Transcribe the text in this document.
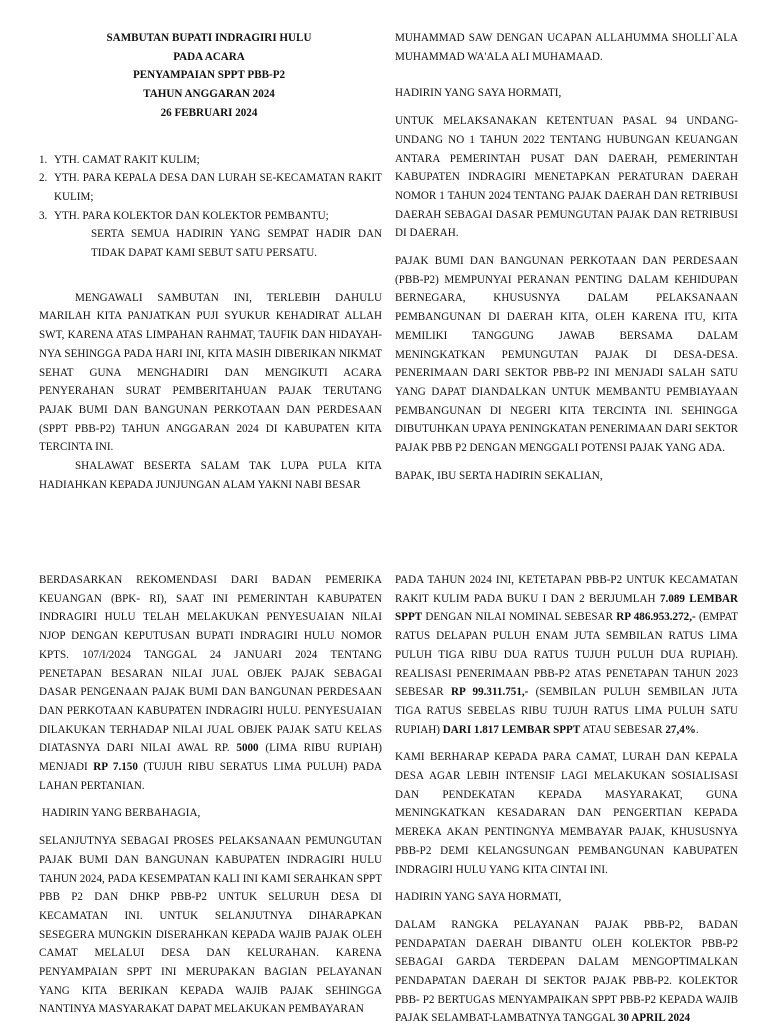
SAMBUTAN BUPATI INDRAGIRI HULU

PADA ACARA

PENYAMPAIAN SPPT PBB-P2

TAHUN ANGGARAN 2024

26 FEBRUARI 2024

1. YTH. CAMAT RAKIT KULIM;
2. YTH. PARA KEPALA DESA DAN LURAH SE-KECAMATAN RAKIT KULIM;
3. YTH. PARA KOLEKTOR DAN KOLEKTOR PEMBANTU;

SERTA SEMUA HADIRIN YANG SEMPAT HADIR DAN TIDAK DAPAT KAMI SEBUT SATU PERSATU.

MENGAWALI SAMBUTAN INI, TERLEBIH DAHULU MARILAH KITA PANJATKAN PUJI SYUKUR KEHADIRAT ALLAH SWT, KARENA ATAS LIMPAHAN RAHMAT, TAUFIK DAN HIDAYAH-NYA SEHINGGA PADA HARI INI, KITA MASIH DIBERIKAN NIKMAT SEHAT GUNA MENGHADIRI DAN MENGIKUTI ACARA PENYERAHAN SURAT PEMBERITAHUAN PAJAK TERUTANG PAJAK BUMI DAN BANGUNAN PERKOTAAN DAN PERDESAAN (SPPT PBB-P2) TAHUN ANGGARAN 2024 DI KABUPATEN KITA TERCINTA INI.

SHALAWAT BESERTA SALAM TAK LUPA PULA KITA HADIAHKAN KEPADA JUNJUNGAN ALAM YAKNI NABI BESAR

MUHAMMAD SAW DENGAN UCAPAN ALLAHUMMA SHOLLI`ALA MUHAMMAD WA'ALA ALI MUHAMAAD.

HADIRIN YANG SAYA HORMATI,

UNTUK MELAKSANAKAN KETENTUAN PASAL 94 UNDANG-UNDANG NO 1 TAHUN 2022 TENTANG HUBUNGAN KEUANGAN ANTARA PEMERINTAH PUSAT DAN DAERAH, PEMERINTAH KABUPATEN INDRAGIRI MENETAPKAN PERATURAN DAERAH NOMOR 1 TAHUN 2024 TENTANG PAJAK DAERAH DAN RETRIBUSI DAERAH SEBAGAI DASAR PEMUNGUTAN PAJAK DAN RETRIBUSI DI DAERAH.

PAJAK BUMI DAN BANGUNAN PERKOTAAN DAN PERDESAAN (PBB-P2) MEMPUNYAI PERANAN PENTING DALAM KEHIDUPAN BERNEGARA, KHUSUSNYA DALAM PELAKSANAAN PEMBANGUNAN DI DAERAH KITA, OLEH KARENA ITU, KITA MEMILIKI TANGGUNG JAWAB BERSAMA DALAM MENINGKATKAN PEMUNGUTAN PAJAK DI DESA-DESA. PENERIMAAN DARI SEKTOR PBB-P2 INI MENJADI SALAH SATU YANG DAPAT DIANDALKAN UNTUK MEMBANTU PEMBIAYAAN PEMBANGUNAN DI NEGERI KITA TERCINTA INI. SEHINGGA DIBUTUHKAN UPAYA PENINGKATAN PENERIMAAN DARI SEKTOR PAJAK PBB P2 DENGAN MENGGALI POTENSI PAJAK YANG ADA.

BAPAK, IBU SERTA HADIRIN SEKALIAN,

BERDASARKAN REKOMENDASI DARI BADAN PEMERIKA KEUANGAN (BPK- RI), SAAT INI PEMERINTAH KABUPATEN INDRAGIRI HULU TELAH MELAKUKAN PENYESUAIAN NILAI NJOP DENGAN KEPUTUSAN BUPATI INDRAGIRI HULU NOMOR KPTS. 107/I/2024 TANGGAL 24 JANUARI 2024 TENTANG PENETAPAN BESARAN NILAI JUAL OBJEK PAJAK SEBAGAI DASAR PENGENAAN PAJAK BUMI DAN BANGUNAN PERDESAAN DAN PERKOTAAN KABUPATEN INDRAGIRI HULU. PENYESUAIAN DILAKUKAN TERHADAP NILAI JUAL OBJEK PAJAK SATU KELAS DIATASNYA DARI NILAI AWAL RP. 5000 (LIMA RIBU RUPIAH) MENJADI RP 7.150 (TUJUH RIBU SERATUS LIMA PULUH) PADA LAHAN PERTANIAN.

HADIRIN YANG BERBAHAGIA,

SELANJUTNYA SEBAGAI PROSES PELAKSANAAN PEMUNGUTAN PAJAK BUMI DAN BANGUNAN KABUPATEN INDRAGIRI HULU TAHUN 2024, PADA KESEMPATAN KALI INI KAMI SERAHKAN SPPT PBB P2 DAN DHKP PBB-P2 UNTUK SELURUH DESA DI KECAMATAN INI. UNTUK SELANJUTNYA DIHARAPKAN SESEGERA MUNGKIN DISERAHKAN KEPADA WAJIB PAJAK OLEH CAMAT MELALUI DESA DAN KELURAHAN. KARENA PENYAMPAIAN SPPT INI MERUPAKAN BAGIAN PELAYANAN YANG KITA BERIKAN KEPADA WAJIB PAJAK SEHINGGA NANTINYA MASYARAKAT DAPAT MELAKUKAN PEMBAYARAN

PADA TAHUN 2024 INI, KETETAPAN PBB-P2 UNTUK KECAMATAN RAKIT KULIM PADA BUKU I DAN 2 BERJUMLAH 7.089 LEMBAR SPPT DENGAN NILAI NOMINAL SEBESAR RP 486.953.272,- (EMPAT RATUS DELAPAN PULUH ENAM JUTA SEMBILAN RATUS LIMA PULUH TIGA RIBU DUA RATUS TUJUH PULUH DUA RUPIAH). REALISASI PENERIMAAN PBB-P2 ATAS PENETAPAN TAHUN 2023 SEBESAR RP 99.311.751,- (SEMBILAN PULUH SEMBILAN JUTA TIGA RATUS SEBELAS RIBU TUJUH RATUS LIMA PULUH SATU RUPIAH) DARI 1.817 LEMBAR SPPT ATAU SEBESAR 27,4%.

KAMI BERHARAP KEPADA PARA CAMAT, LURAH DAN KEPALA DESA AGAR LEBIH INTENSIF LAGI MELAKUKAN SOSIALISASI DAN PENDEKATAN KEPADA MASYARAKAT, GUNA MENINGKATKAN KESADARAN DAN PENGERTIAN KEPADA MEREKA AKAN PENTINGNYA MEMBAYAR PAJAK, KHUSUSNYA PBB-P2 DEMI KELANGSUNGAN PEMBANGUNAN KABUPATEN INDRAGIRI HULU YANG KITA CINTAI INI.

HADIRIN YANG SAYA HORMATI,

DALAM RANGKA PELAYANAN PAJAK PBB-P2, BADAN PENDAPATAN DAERAH DIBANTU OLEH KOLEKTOR PBB-P2 SEBAGAI GARDA TERDEPAN DALAM MENGOPTIMALKAN PENDAPATAN DAERAH DI SEKTOR PAJAK PBB-P2. KOLEKTOR PBB- P2 BERTUGAS MENYAMPAIKAN SPPT PBB-P2 KEPADA WAJIB PAJAK SELAMBAT-LAMBATNYA TANGGAL 30 APRIL 2024
